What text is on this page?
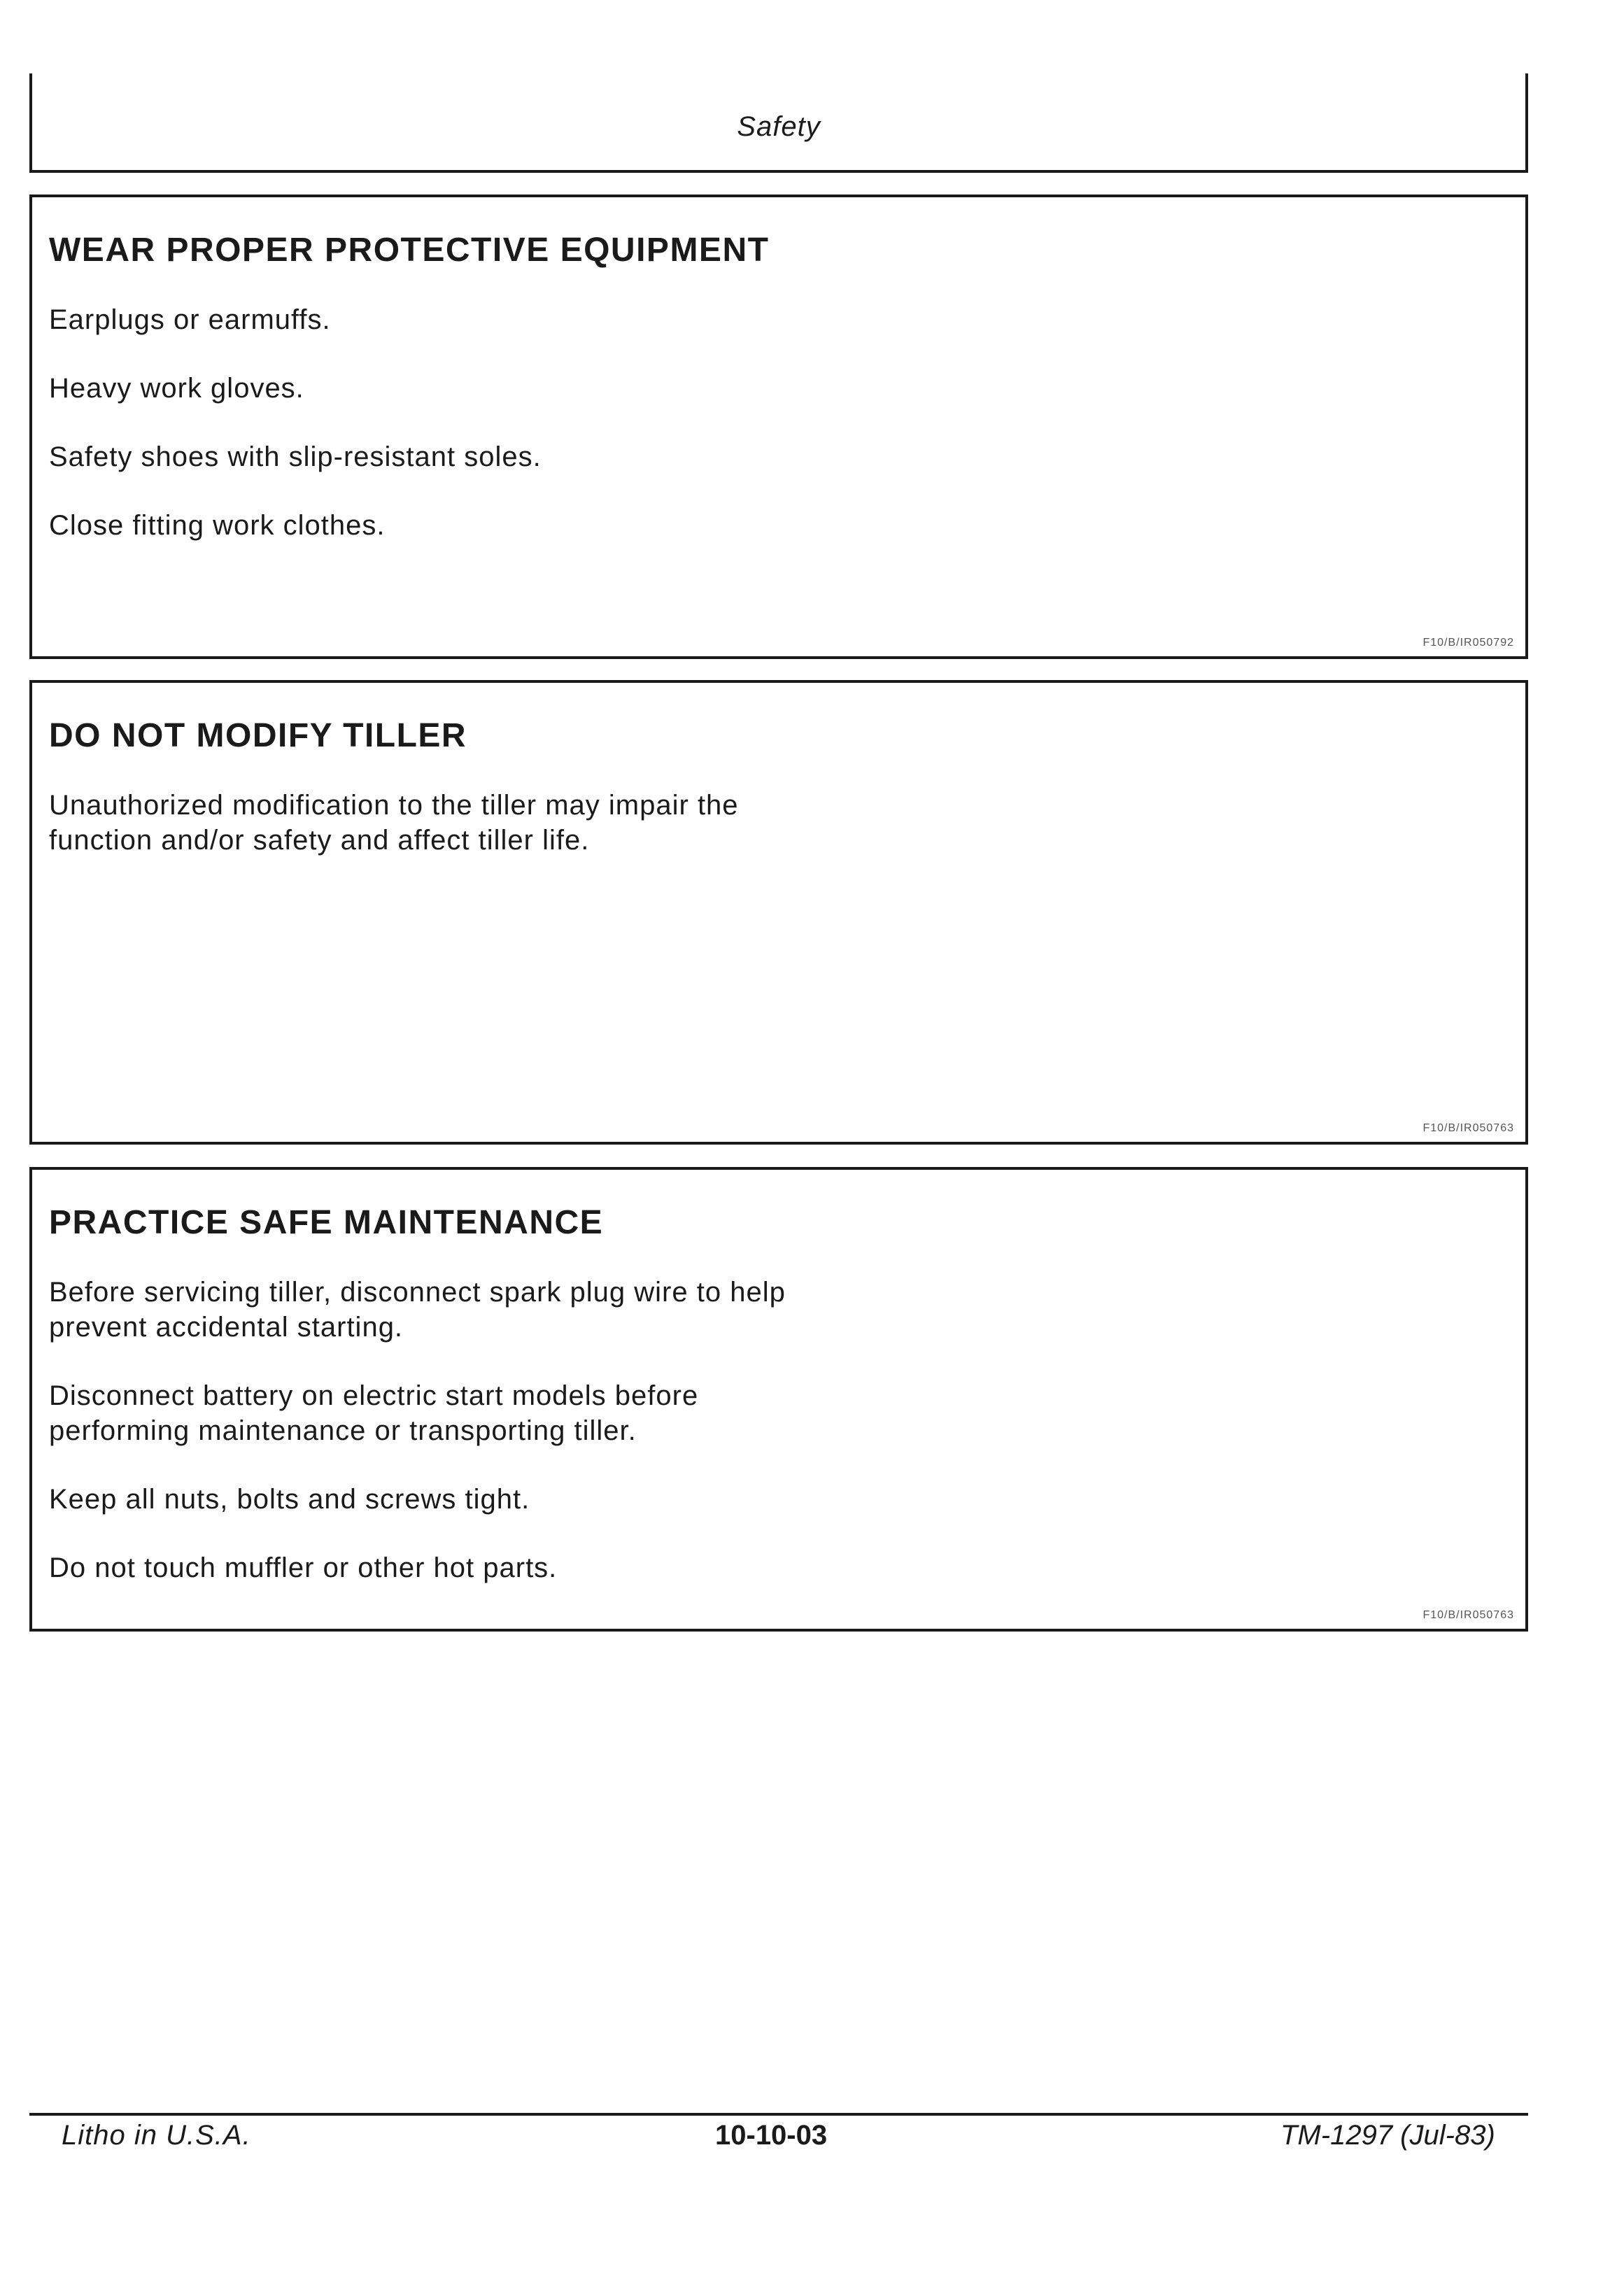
Safety
WEAR PROPER PROTECTIVE EQUIPMENT

Earplugs or earmuffs.

Heavy work gloves.

Safety shoes with slip-resistant soles.

Close fitting work clothes.

F10/B/IR050792
DO NOT MODIFY TILLER

Unauthorized modification to the tiller may impair the function and/or safety and affect tiller life.

F10/B/IR050763
PRACTICE SAFE MAINTENANCE

Before servicing tiller, disconnect spark plug wire to help prevent accidental starting.

Disconnect battery on electric start models before performing maintenance or transporting tiller.

Keep all nuts, bolts and screws tight.

Do not touch muffler or other hot parts.

F10/B/IR050763
Litho in U.S.A.	10-10-03	TM-1297 (Jul-83)
